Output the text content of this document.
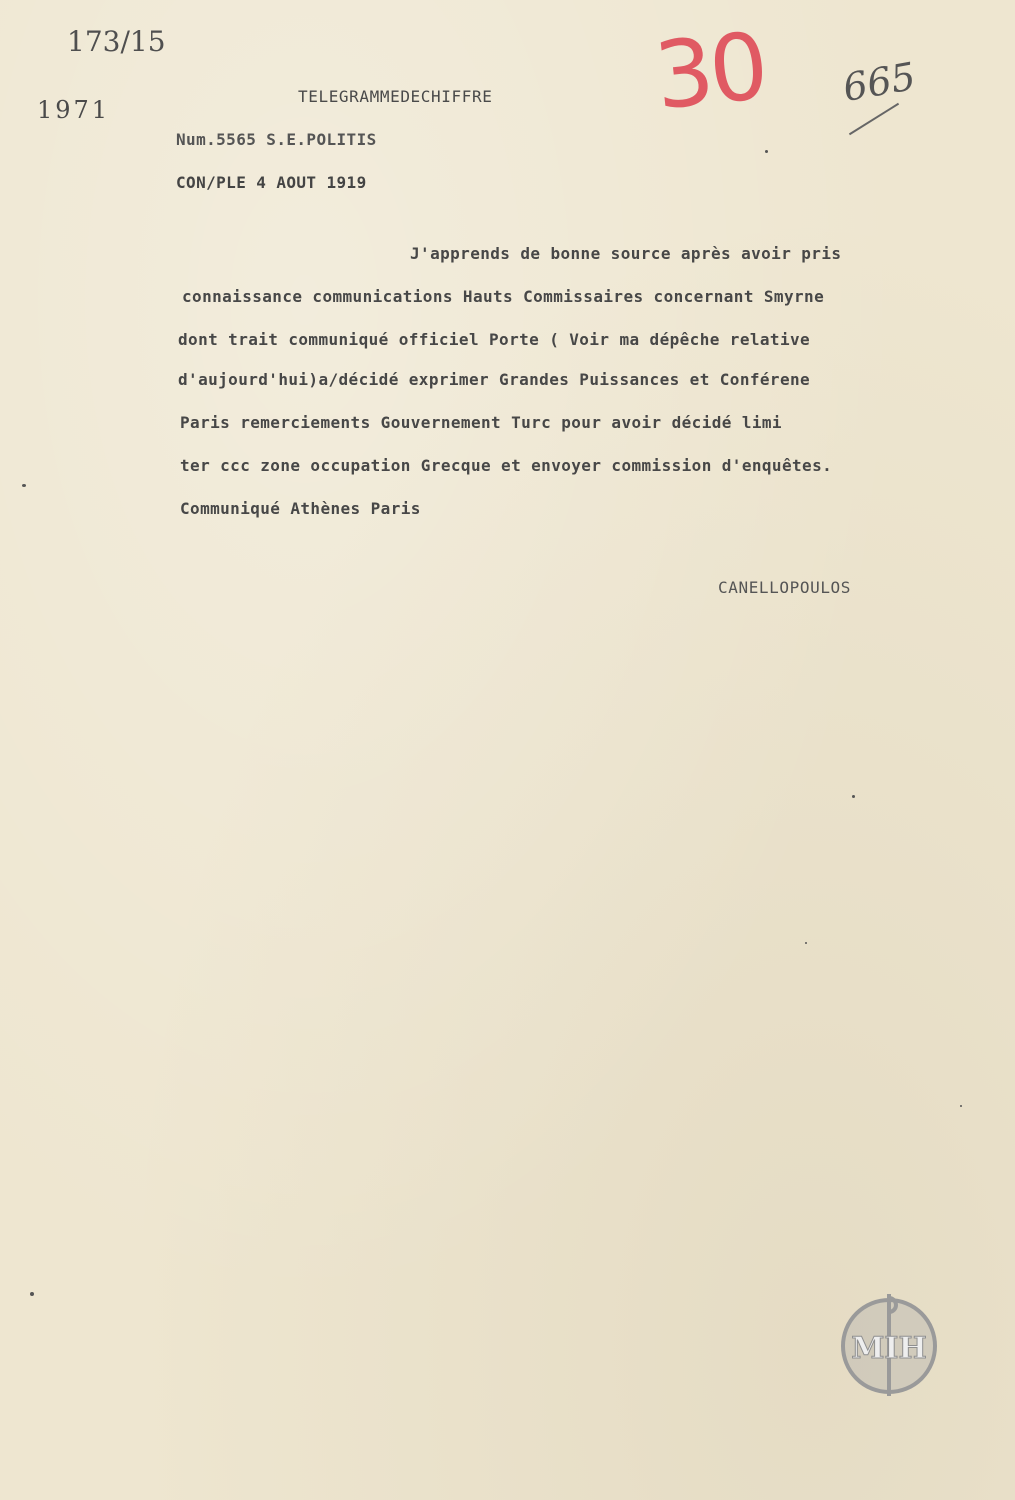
173/15
1971	30 665
TELEGRAMMEDECHIFFRE
Num.5565 S.E.POLITIS
CON/PLE 4 AOUT 1919
J'apprends de bonne source après avoir pris
connaissance communications Hauts Commissaires concernant Smyrne
dont trait communiqué officiel Porte ( Voir ma dépêche relative
d'aujourd'hui)a/décidé exprimer Grandes Puissances et Conférene
Paris remerciements Gouvernement Turc pour avoir décidé limi
ter ccc zone occupation Grecque et envoyer commission d'enquêtes.
Communiqué Athènes Paris
CANELLOPOULOS
ΜΙΗ
